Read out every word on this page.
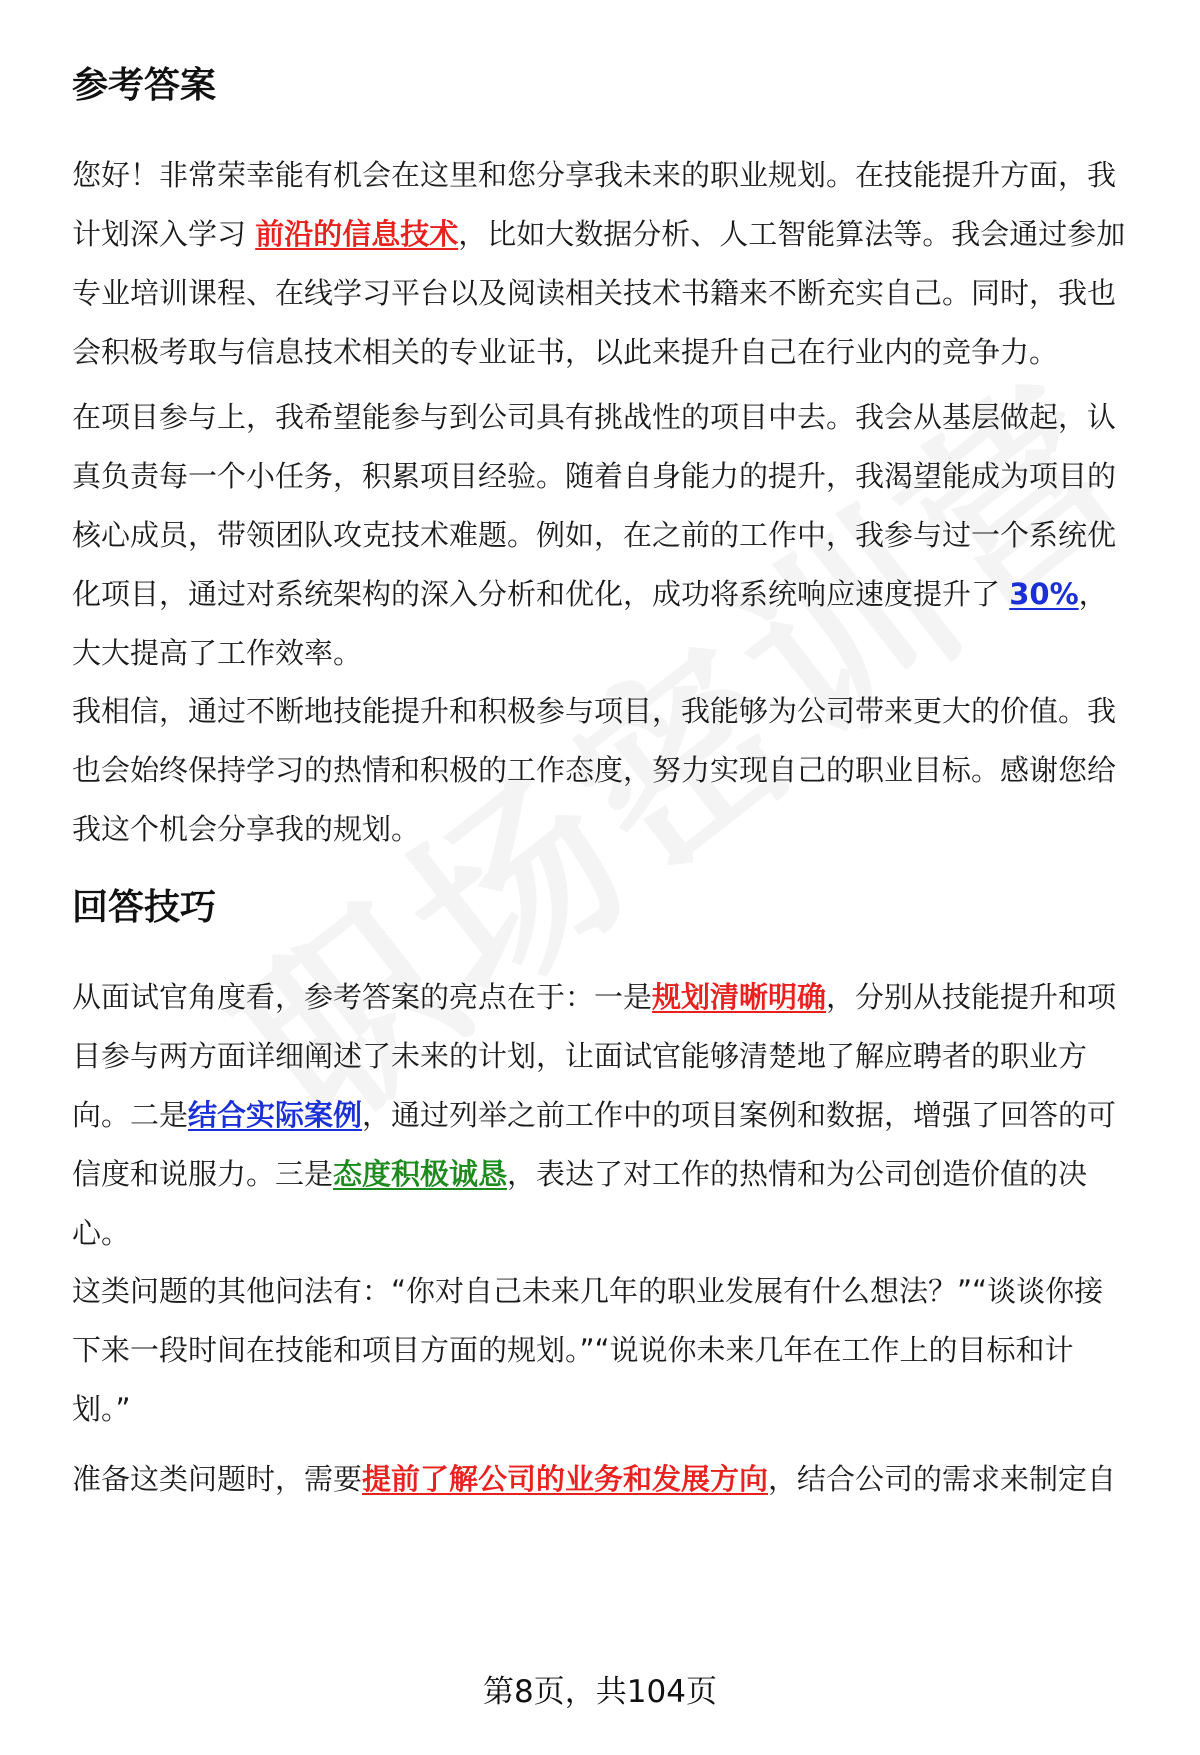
参考答案

您好！非常荣幸能有机会在这里和您分享我未来的职业规划。在技能提升方面，我计划深入学习 前沿的信息技术，比如大数据分析、人工智能算法等。我会通过参加专业培训课程、在线学习平台以及阅读相关技术书籍来不断充实自己。同时，我也会积极考取与信息技术相关的专业证书，以此来提升自己在行业内的竞争力。

在项目参与上，我希望能参与到公司具有挑战性的项目中去。我会从基层做起，认真负责每一个小任务，积累项目经验。随着自身能力的提升，我渴望能成为项目的核心成员，带领团队攻克技术难题。例如，在之前的工作中，我参与过一个系统优化项目，通过对系统架构的深入分析和优化，成功将系统响应速度提升了 30%，大大提高了工作效率。

我相信，通过不断地技能提升和积极参与项目，我能够为公司带来更大的价值。我也会始终保持学习的热情和积极的工作态度，努力实现自己的职业目标。感谢您给我这个机会分享我的规划。

回答技巧

从面试官角度看，参考答案的亮点在于：一是规划清晰明确，分别从技能提升和项目参与两方面详细阐述了未来的计划，让面试官能够清楚地了解应聘者的职业方向。二是结合实际案例，通过列举之前工作中的项目案例和数据，增强了回答的可信度和说服力。三是态度积极诚恳，表达了对工作的热情和为公司创造价值的决心。

这类问题的其他问法有：“你对自己未来几年的职业发展有什么想法？”“谈谈你接下来一段时间在技能和项目方面的规划。”“说说你未来几年在工作上的目标和计划。”

准备这类问题时，需要提前了解公司的业务和发展方向，结合公司的需求来制定自

第8页，共104页
